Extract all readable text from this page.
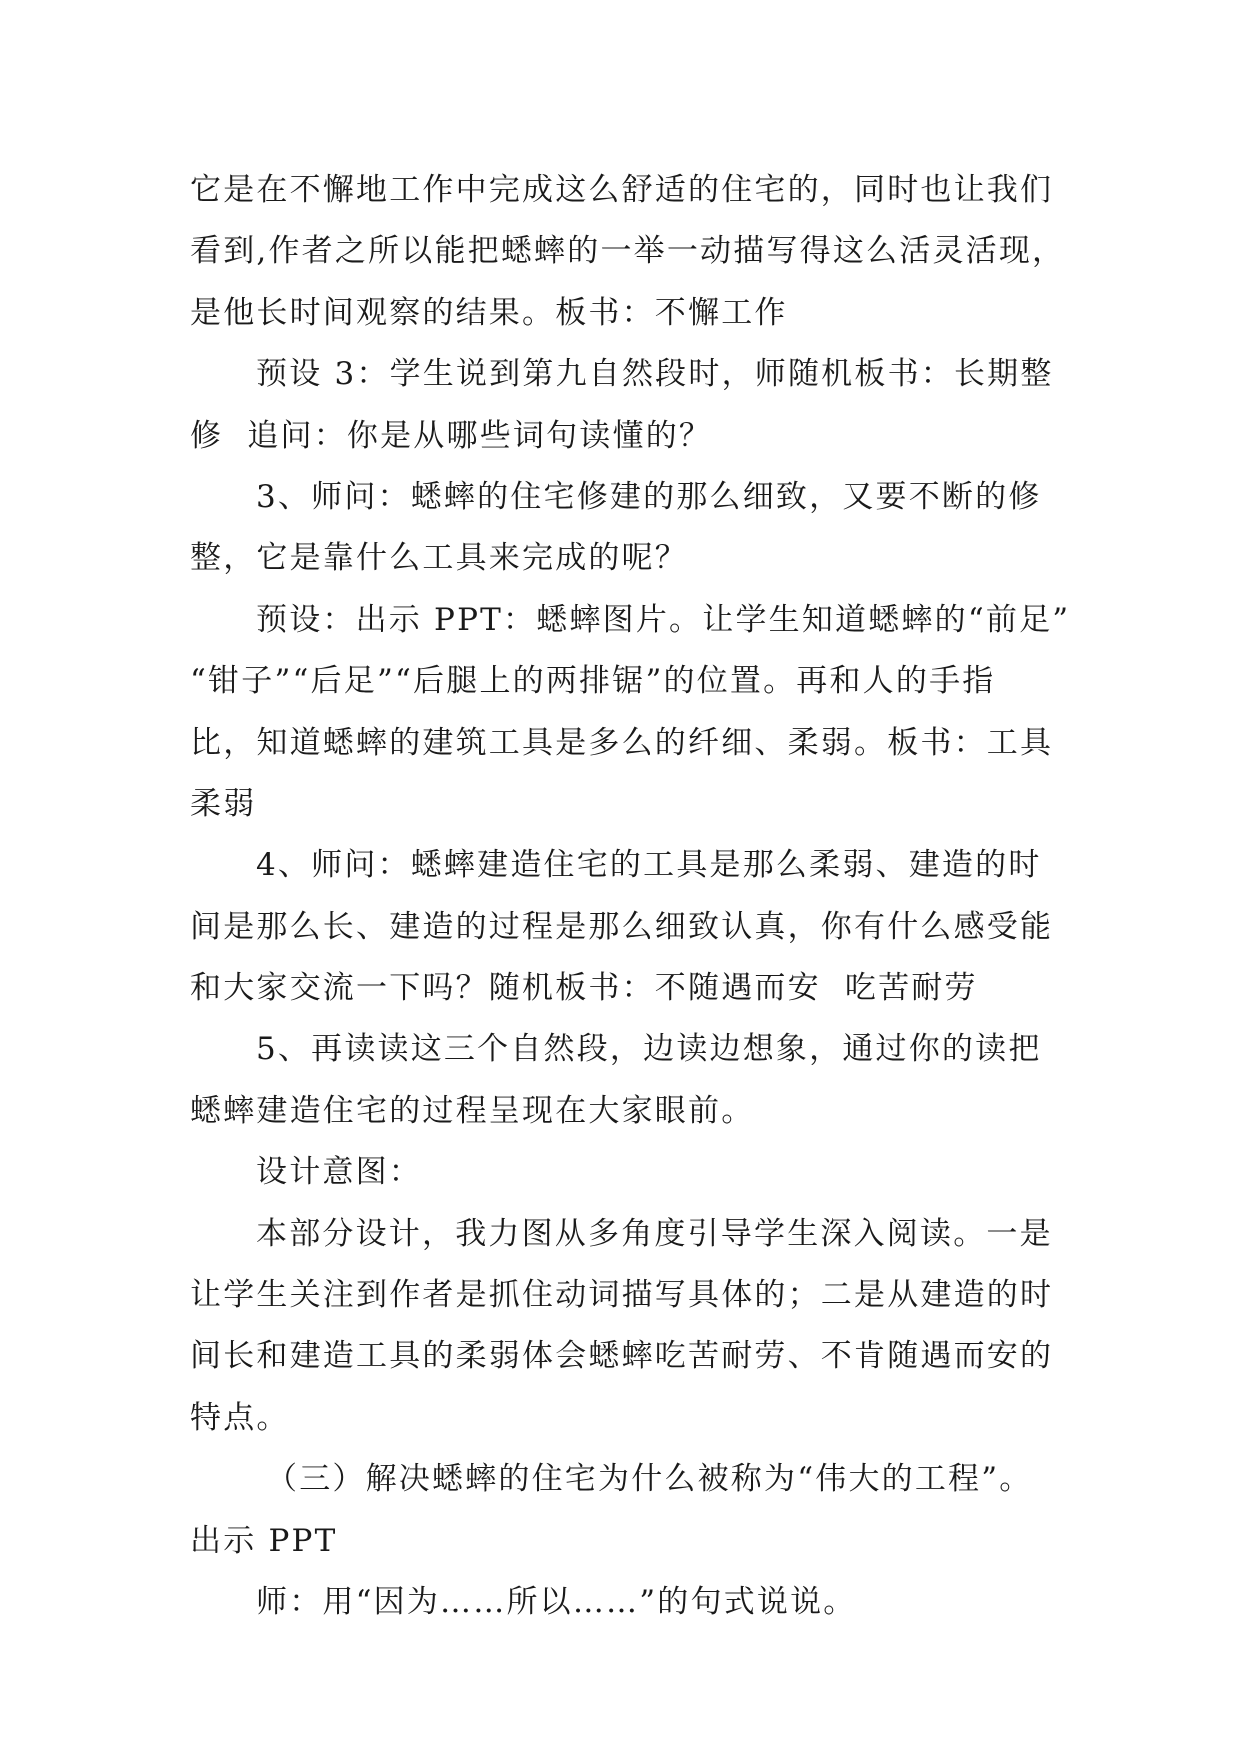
它是在不懈地工作中完成这么舒适的住宅的，同时也让我们
看到,作者之所以能把蟋蟀的一举一动描写得这么活灵活现，
是他长时间观察的结果。板书：不懈工作
预设 3：学生说到第九自然段时，师随机板书：长期整
修  追问：你是从哪些词句读懂的？
3、师问：蟋蟀的住宅修建的那么细致，又要不断的修
整，它是靠什么工具来完成的呢？
预设：出示 PPT：蟋蟀图片。让学生知道蟋蟀的“前足”
“钳子”“后足”“后腿上的两排锯”的位置。再和人的手指
比，知道蟋蟀的建筑工具是多么的纤细、柔弱。板书：工具
柔弱
4、师问：蟋蟀建造住宅的工具是那么柔弱、建造的时
间是那么长、建造的过程是那么细致认真，你有什么感受能
和大家交流一下吗？随机板书：不随遇而安  吃苦耐劳
5、再读读这三个自然段，边读边想象，通过你的读把
蟋蟀建造住宅的过程呈现在大家眼前。
设计意图：
本部分设计，我力图从多角度引导学生深入阅读。一是
让学生关注到作者是抓住动词描写具体的；二是从建造的时
间长和建造工具的柔弱体会蟋蟀吃苦耐劳、不肯随遇而安的
特点。
（三）解决蟋蟀的住宅为什么被称为“伟大的工程”。
出示 PPT
师：用“因为……所以……”的句式说说。
